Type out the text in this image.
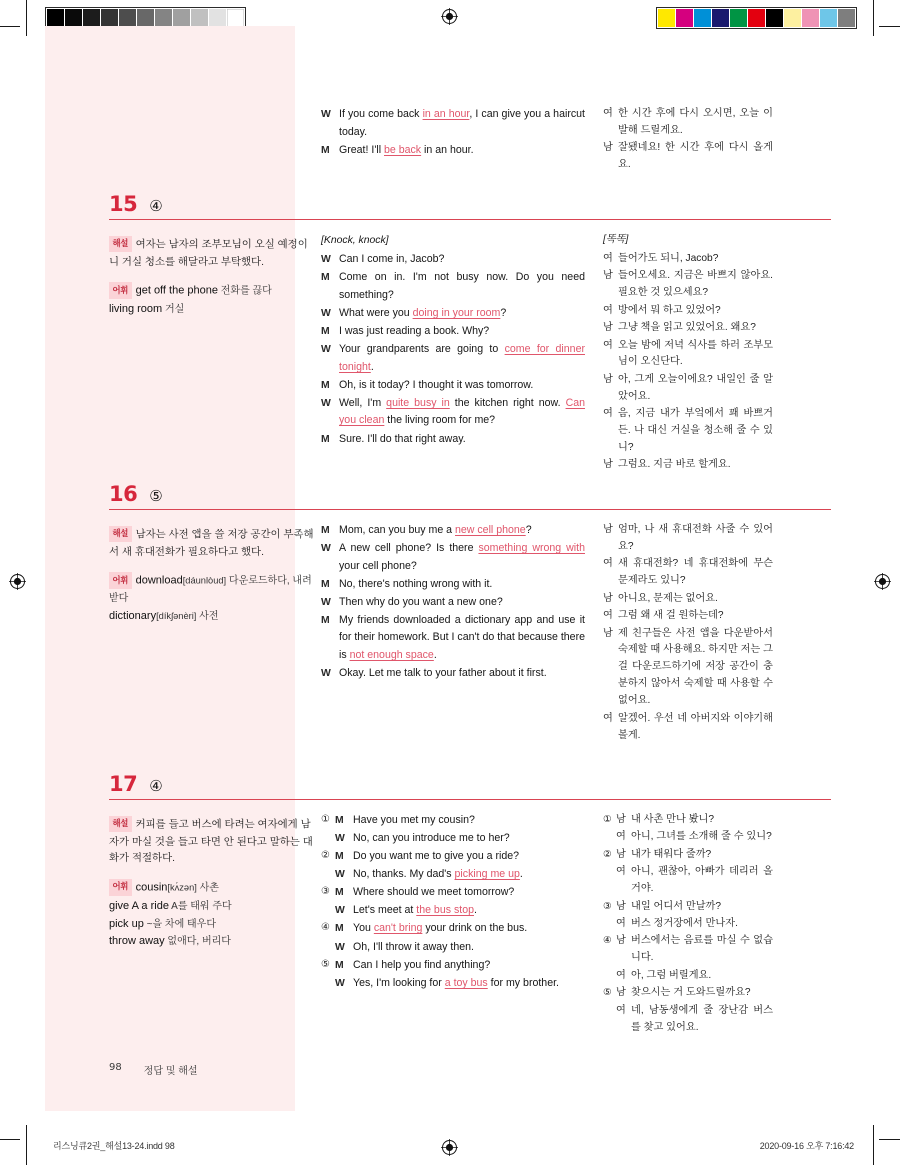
W If you come back in an hour, I can give you a haircut today.
M Great! I'll be back in an hour.
여 한 시간 후에 다시 오시면, 오늘 이발해 드릴게요.
남 잘됐네요! 한 시간 후에 다시 올게요.
15 ④
해설 여자는 남자의 조부모님이 오실 예정이니 거실 청소를 해달라고 부탁했다.
어휘 get off the phone 전화를 끊다
living room 거실
[Knock, knock]
W Can I come in, Jacob?
M Come on in. I'm not busy now. Do you need something?
W What were you doing in your room?
M I was just reading a book. Why?
W Your grandparents are going to come for dinner tonight.
M Oh, is it today? I thought it was tomorrow.
W Well, I'm quite busy in the kitchen right now. Can you clean the living room for me?
M Sure. I'll do that right away.
[똑똑]
여 들어가도 되니, Jacob?
남 들어오세요. 지금은 바쁘지 않아요. 필요한 것 있으세요?
여 방에서 뭐 하고 있었어?
남 그냥 책을 읽고 있었어요. 왜요?
여 오늘 밤에 저녁 식사를 하러 조부모님이 오신단다.
남 아, 그게 오늘이에요? 내일인 줄 알았어요.
여 음, 지금 내가 부엌에서 꽤 바쁘거든. 나 대신 거실을 청소해 줄 수 있니?
남 그럼요. 지금 바로 할게요.
16 ⑤
해설 남자는 사전 앱을 쓸 저장 공간이 부족해서 새 휴대전화가 필요하다고 했다.
어휘 download[dáunlòud] 다운로드하다, 내려 받다
dictionary[díkʃənèri] 사전
M Mom, can you buy me a new cell phone?
W A new cell phone? Is there something wrong with your cell phone?
M No, there's nothing wrong with it.
W Then why do you want a new one?
M My friends downloaded a dictionary app and use it for their homework. But I can't do that because there is not enough space.
W Okay. Let me talk to your father about it first.
남 엄마, 나 새 휴대전화 사줄 수 있어요?
여 새 휴대전화? 네 휴대전화에 무슨 문제라도 있니?
남 아니요, 문제는 없어요.
여 그럼 왜 새 걸 원하는데?
남 제 친구들은 사전 앱을 다운받아서 숙제할 때 사용해요. 하지만 저는 그걸 다운로드하기에 저장 공간이 충분하지 않아서 숙제할 때 사용할 수 없어요.
여 알겠어. 우선 네 아버지와 이야기해 볼게.
17 ④
해설 커피를 들고 버스에 타려는 여자에게 남자가 마실 것을 들고 타면 안 된다고 말하는 대화가 적절하다.
어휘 cousin[kʌ́zən] 사촌
give A a ride A를 태워 주다
pick up ~을 차에 태우다
throw away 없애다, 버리다
① M Have you met my cousin?
W No, can you introduce me to her?
② M Do you want me to give you a ride?
W No, thanks. My dad's picking me up.
③ M Where should we meet tomorrow?
W Let's meet at the bus stop.
④ M You can't bring your drink on the bus.
W Oh, I'll throw it away then.
⑤ M Can I help you find anything?
W Yes, I'm looking for a toy bus for my brother.
① 남 내 사촌 만나 봤니?
여 아니, 그녀를 소개해 줄 수 있니?
② 남 내가 태워다 줄까?
여 아니, 괜찮아, 아빠가 데리러 올 거야.
③ 남 내일 어디서 만날까?
여 버스 정거장에서 만나자.
④ 남 버스에서는 음료를 마실 수 없습니다.
여 아, 그럼 버릴게요.
⑤ 남 찾으시는 거 도와드릴까요?
여 네, 남동생에게 줄 장난감 버스를 찾고 있어요.
98 정답 및 해설
리스닝큐2권_해설13-24.indd 98	2020-09-16 오후 7:16:42
